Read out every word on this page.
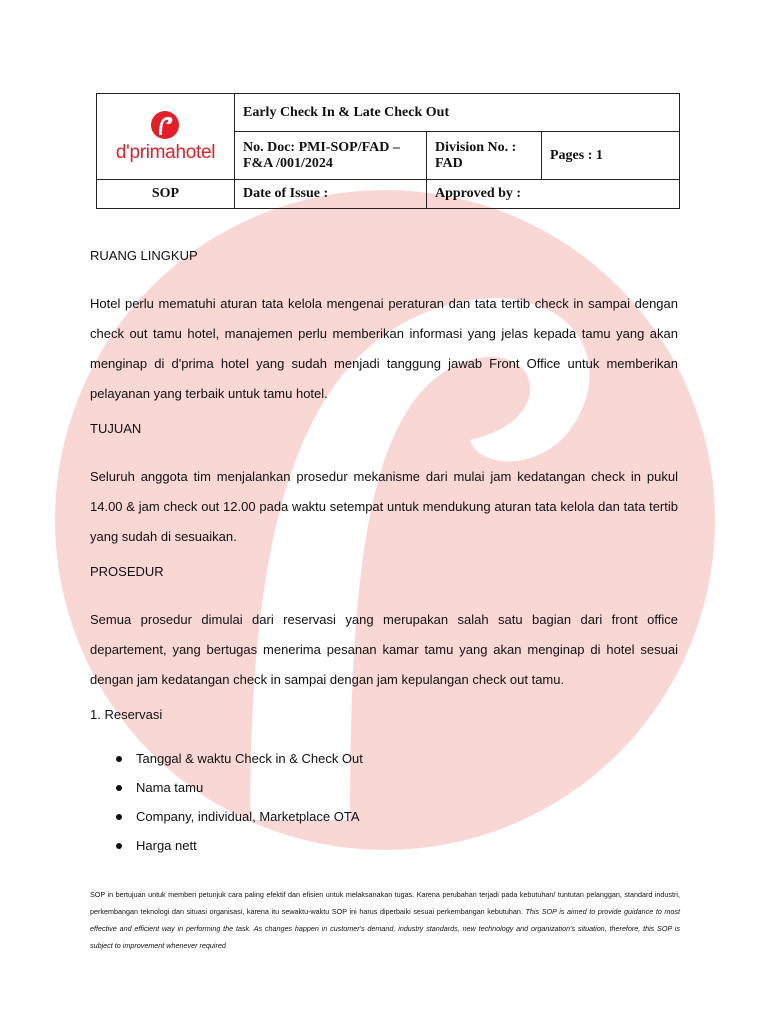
d'primahotel	Early Check In & Late Check Out		
	No. Doc: PMI-SOP/FAD – F&A /001/2024	Division No. : FAD	Pages : 1
SOP	Date of Issue :	Approved by :	
RUANG LINGKUP

Hotel perlu mematuhi aturan tata kelola mengenai peraturan dan tata tertib check in sampai dengan check out tamu hotel, manajemen perlu memberikan informasi yang jelas kepada tamu yang akan menginap di d'prima hotel yang sudah menjadi tanggung jawab Front Office untuk memberikan pelayanan yang terbaik untuk tamu hotel.

TUJUAN

Seluruh anggota tim menjalankan prosedur mekanisme dari mulai jam kedatangan check in pukul 14.00 & jam check out 12.00 pada waktu setempat untuk mendukung aturan tata kelola dan tata tertib yang sudah di sesuaikan.

PROSEDUR

Semua prosedur dimulai dari reservasi yang merupakan salah satu bagian dari front office departement, yang bertugas menerima pesanan kamar tamu yang akan menginap di hotel sesuai dengan jam kedatangan check in sampai dengan jam kepulangan check out tamu.

1. Reservasi
Tanggal & waktu Check in & Check Out
Nama tamu
Company, individual, Marketplace OTA
Harga nett
SOP in bertujuan untuk memberi petunjuk cara paling efektif dan efisien untuk melaksanakan tugas. Karena perubahan terjadi pada kebutuhan/ tuntutan pelanggan, standard industri, perkembangan teknologi dan situasi organisasi, karena itu sewaktu-waktu SOP ini harus diperbaiki sesuai perkembangan kebutuhan. This SOP is aimed to provide guidance to most effective and efficient way in performing the task. As changes happen in customer's demand, industry standards, new technology and organization's situation, therefore, this SOP is subject to improvement whenever required
